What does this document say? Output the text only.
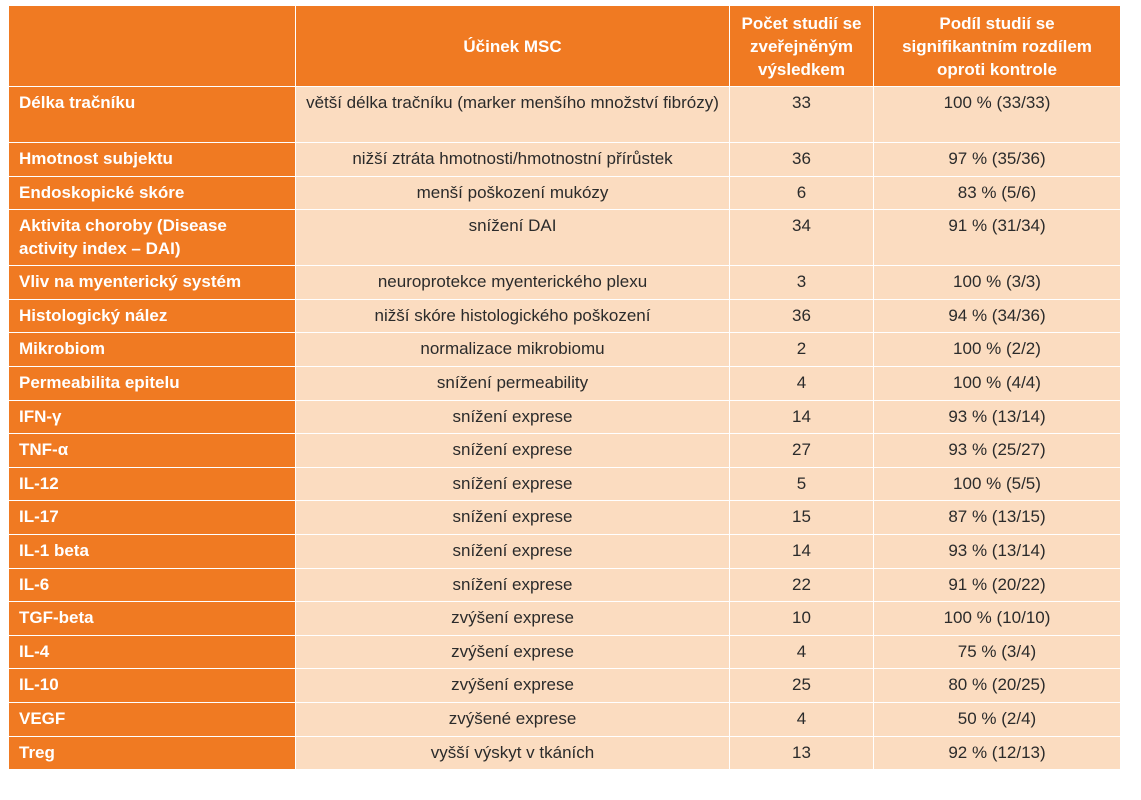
	Účinek MSC	Počet studií se zveřejněným výsledkem	Podíl studií se signifikantním rozdílem oproti kontrole
Délka tračníku	větší délka tračníku (marker menšího množství fibrózy)	33	100 % (33/33)
Hmotnost subjektu	nižší ztráta hmotnosti/hmotnostní přírůstek	36	97 % (35/36)
Endoskopické skóre	menší poškození mukózy	6	83 % (5/6)
Aktivita choroby (Disease activity index – DAI)	snížení DAI	34	91 % (31/34)
Vliv na myenterický systém	neuroprotekce myenterického plexu	3	100 % (3/3)
Histologický nález	nižší skóre histologického poškození	36	94 % (34/36)
Mikrobiom	normalizace mikrobiomu	2	100 % (2/2)
Permeabilita epitelu	snížení permeability	4	100 % (4/4)
IFN-γ	snížení exprese	14	93 % (13/14)
TNF-α	snížení exprese	27	93 % (25/27)
IL-12	snížení exprese	5	100 % (5/5)
IL-17	snížení exprese	15	87 % (13/15)
IL-1 beta	snížení exprese	14	93 % (13/14)
IL-6	snížení exprese	22	91 % (20/22)
TGF-beta	zvýšení exprese	10	100 % (10/10)
IL-4	zvýšení exprese	4	75 % (3/4)
IL-10	zvýšení exprese	25	80 % (20/25)
VEGF	zvýšené exprese	4	50 % (2/4)
Treg	vyšší výskyt v tkáních	13	92 % (12/13)
